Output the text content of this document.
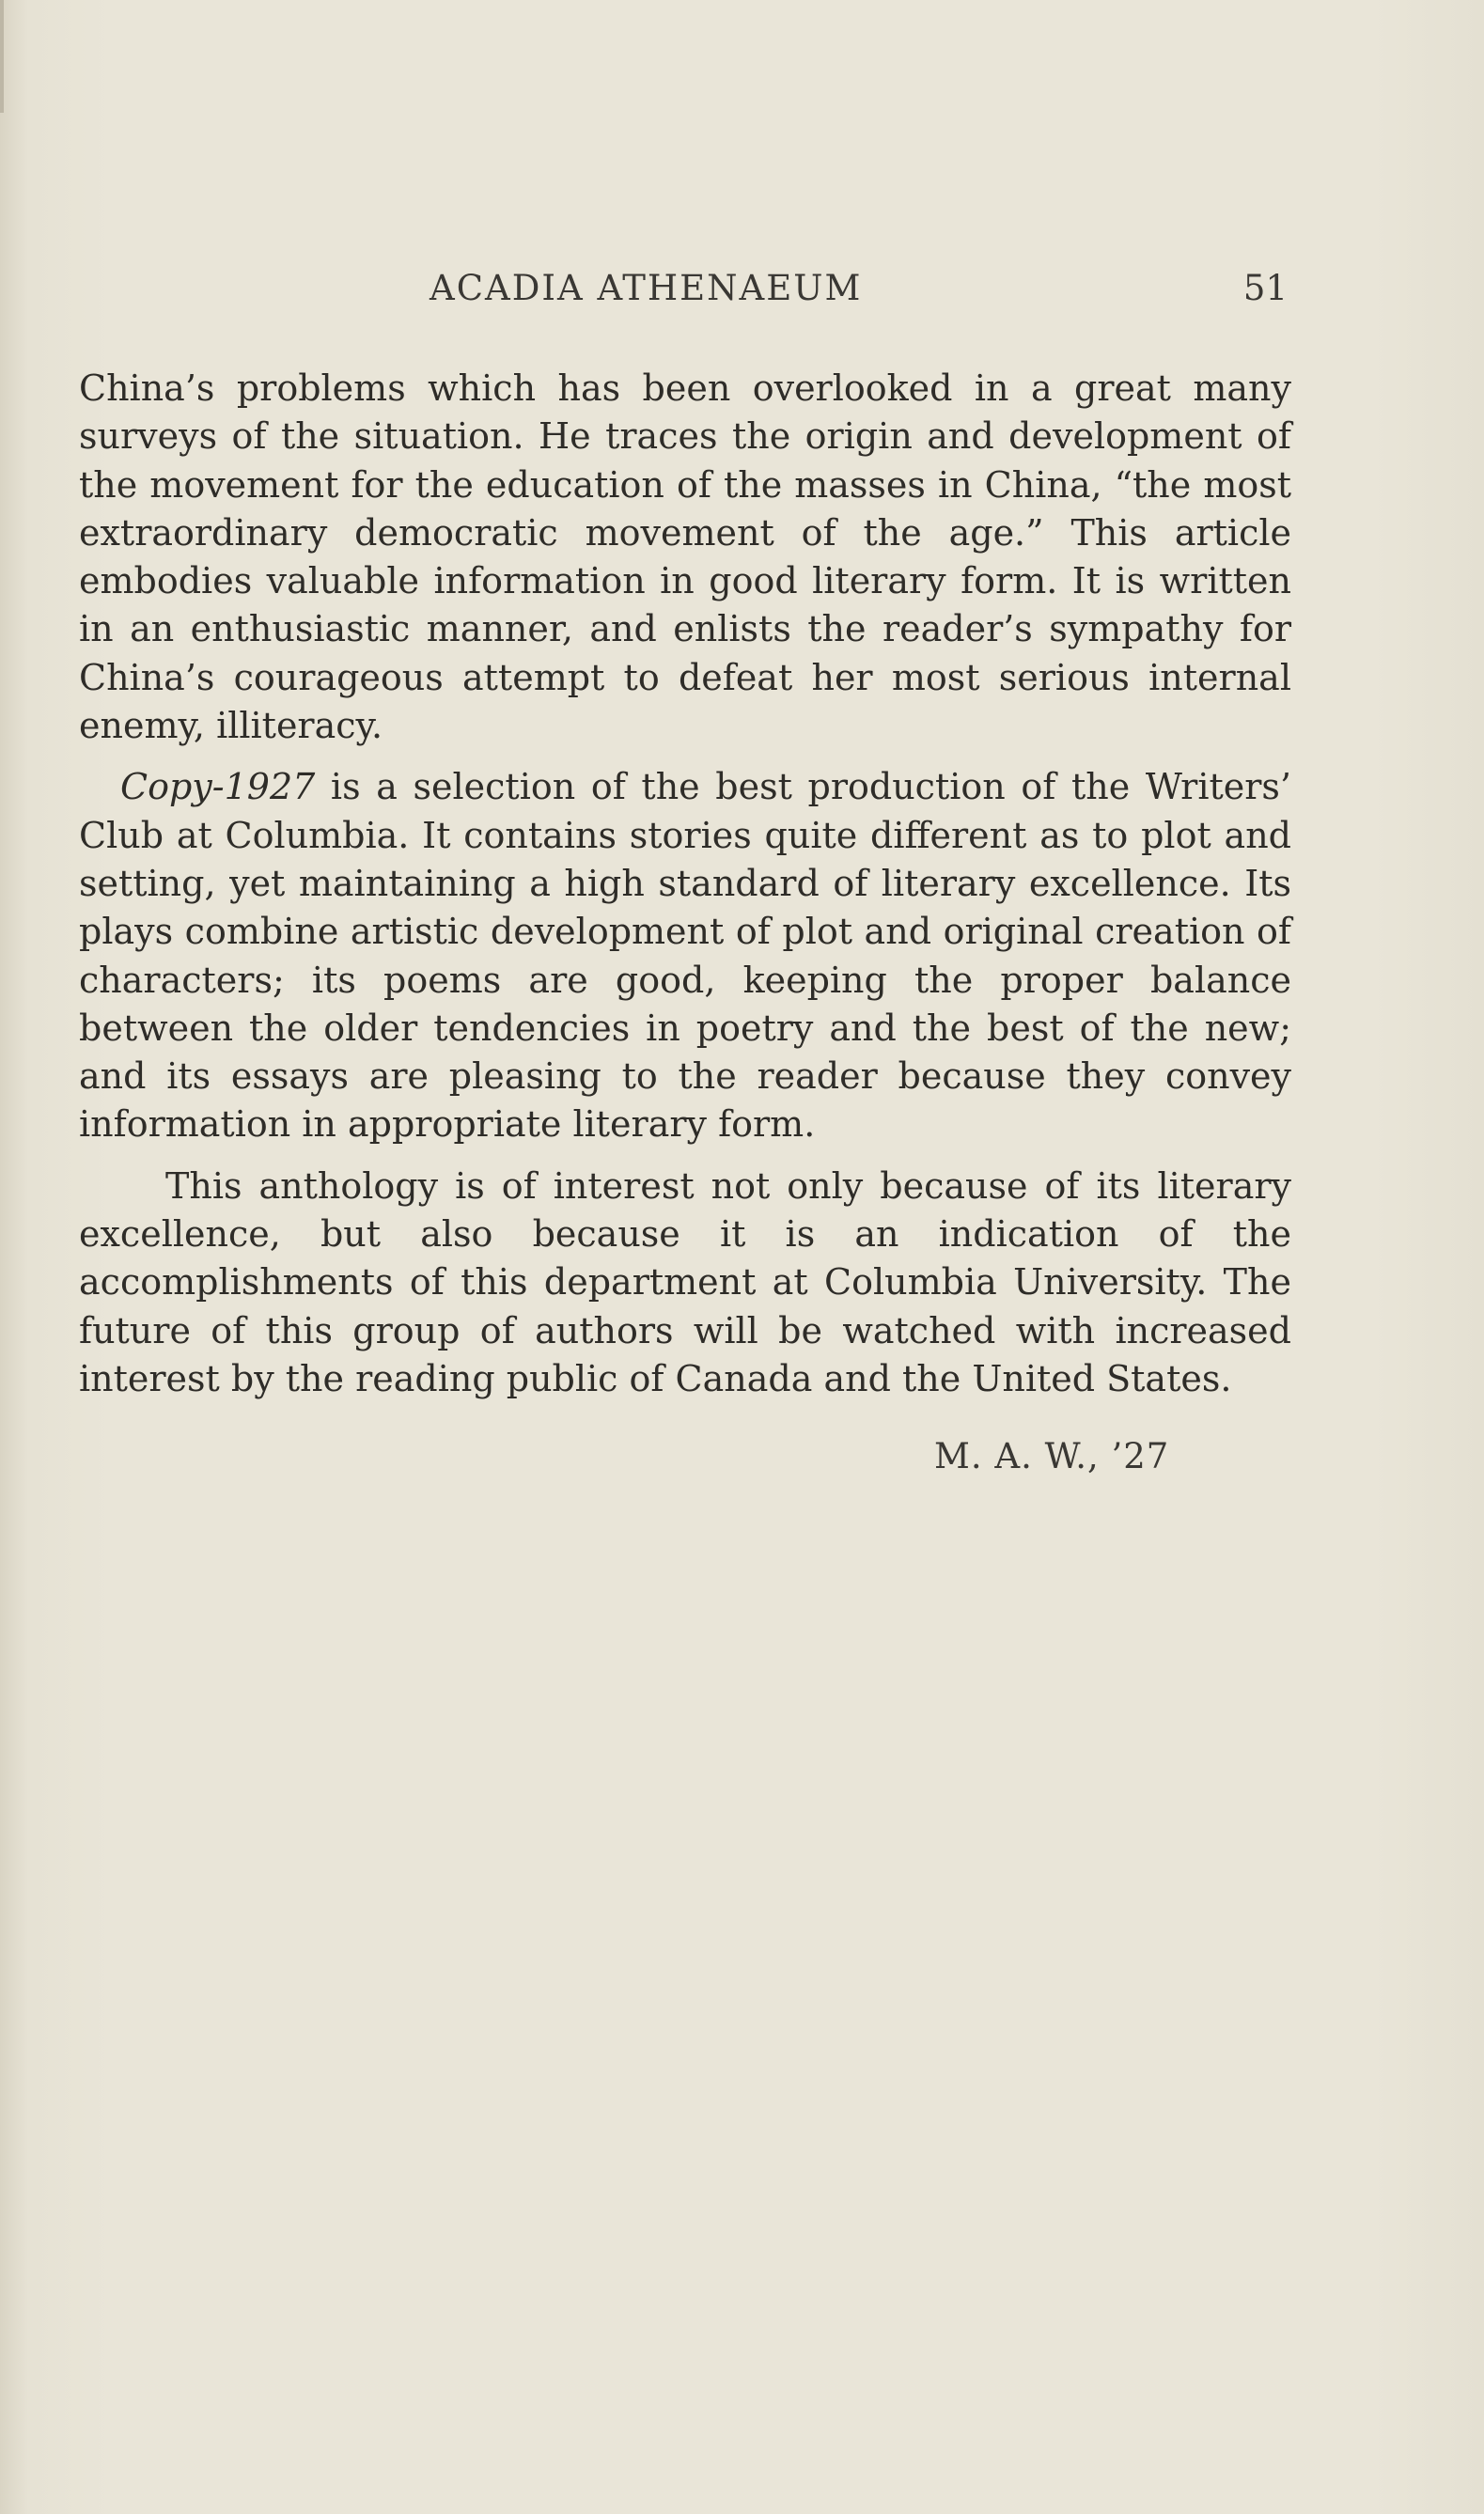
ACADIA ATHENAEUM	51

China’s problems which has been overlooked in a great many surveys of the situation. He traces the origin and development of the movement for the education of the masses in China, “the most extraordinary democratic movement of the age.” This article embodies valuable information in good literary form. It is written in an enthusiastic manner, and enlists the reader’s sympathy for China’s courageous attempt to defeat her most serious internal enemy, illiteracy.

Copy-1927 is a selection of the best production of the Writers’ Club at Columbia. It contains stories quite different as to plot and setting, yet maintaining a high standard of literary excellence. Its plays combine artistic development of plot and original creation of characters; its poems are good, keeping the proper balance between the older tendencies in poetry and the best of the new; and its essays are pleasing to the reader because they convey information in appropriate literary form.

This anthology is of interest not only because of its literary excellence, but also because it is an indication of the accomplishments of this department at Columbia University. The future of this group of authors will be watched with increased interest by the reading public of Canada and the United States.

M. A. W., ’27
